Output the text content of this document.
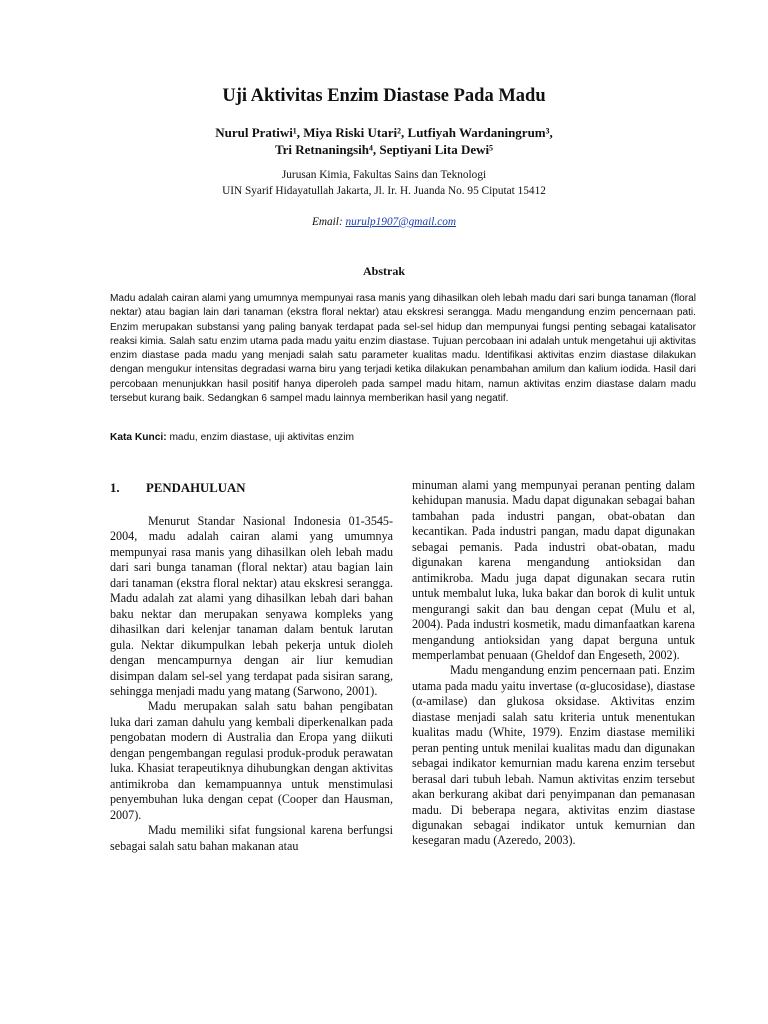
Uji Aktivitas Enzim Diastase Pada Madu
Nurul Pratiwi¹, Miya Riski Utari², Lutfiyah Wardaningrum³,
Tri Retnaningsih⁴, Septiyani Lita Dewi⁵
Jurusan Kimia, Fakultas Sains dan Teknologi
UIN Syarif Hidayatullah Jakarta, Jl. Ir. H. Juanda No. 95 Ciputat 15412
Email: nurulp1907@gmail.com
Abstrak

Madu adalah cairan alami yang umumnya mempunyai rasa manis yang dihasilkan oleh lebah madu dari sari bunga tanaman (floral nektar) atau bagian lain dari tanaman (ekstra floral nektar) atau ekskresi serangga. Madu mengandung enzim pencernaan pati. Enzim merupakan substansi yang paling banyak terdapat pada sel-sel hidup dan mempunyai fungsi penting sebagai katalisator reaksi kimia. Salah satu enzim utama pada madu yaitu enzim diastase. Tujuan percobaan ini adalah untuk mengetahui uji aktivitas enzim diastase pada madu yang menjadi salah satu parameter kualitas madu. Identifikasi aktivitas enzim diastase dilakukan dengan mengukur intensitas degradasi warna biru yang terjadi ketika dilakukan penambahan amilum dan kalium iodida. Hasil dari percobaan menunjukkan hasil positif hanya diperoleh pada sampel madu hitam, namun aktivitas enzim diastase dalam madu tersebut kurang baik. Sedangkan 6 sampel madu lainnya memberikan hasil yang negatif.

Kata Kunci: madu, enzim diastase, uji aktivitas enzim
1. PENDAHULUAN

Menurut Standar Nasional Indonesia 01-3545-2004, madu adalah cairan alami yang umumnya mempunyai rasa manis yang dihasilkan oleh lebah madu dari sari bunga tanaman (floral nektar) atau bagian lain dari tanaman (ekstra floral nektar) atau ekskresi serangga. Madu adalah zat alami yang dihasilkan lebah dari bahan baku nektar dan merupakan senyawa kompleks yang dihasilkan dari kelenjar tanaman dalam bentuk larutan gula. Nektar dikumpulkan lebah pekerja untuk dioleh dengan mencampurnya dengan air liur kemudian disimpan dalam sel-sel yang terdapat pada sisiran sarang, sehingga menjadi madu yang matang (Sarwono, 2001).

Madu merupakan salah satu bahan pengibatan luka dari zaman dahulu yang kembali diperkenalkan pada pengobatan modern di Australia dan Eropa yang diikuti dengan pengembangan regulasi produk-produk perawatan luka. Khasiat terapeutiknya dihubungkan dengan aktivitas antimikroba dan kemampuannya untuk menstimulasi penyembuhan luka dengan cepat (Cooper dan Hausman, 2007).

Madu memiliki sifat fungsional karena berfungsi sebagai salah satu bahan makanan atau

minuman alami yang mempunyai peranan penting dalam kehidupan manusia. Madu dapat digunakan sebagai bahan tambahan pada industri pangan, obat-obatan dan kecantikan. Pada industri pangan, madu dapat digunakan sebagai pemanis. Pada industri obat-obatan, madu digunakan karena mengandung antioksidan dan antimikroba. Madu juga dapat digunakan secara rutin untuk membalut luka, luka bakar dan borok di kulit untuk mengurangi sakit dan bau dengan cepat (Mulu et al, 2004). Pada industri kosmetik, madu dimanfaatkan karena mengandung antioksidan yang dapat berguna untuk memperlambat penuaan (Gheldof dan Engeseth, 2002).

Madu mengandung enzim pencernaan pati. Enzim utama pada madu yaitu invertase (α-glucosidase), diastase (α-amilase) dan glukosa oksidase. Aktivitas enzim diastase menjadi salah satu kriteria untuk menentukan kualitas madu (White, 1979). Enzim diastase memiliki peran penting untuk menilai kualitas madu dan digunakan sebagai indikator kemurnian madu karena enzim tersebut berasal dari tubuh lebah. Namun aktivitas enzim tersebut akan berkurang akibat dari penyimpanan dan pemanasan madu. Di beberapa negara, aktivitas enzim diastase digunakan sebagai indikator untuk kemurnian dan kesegaran madu (Azeredo, 2003).
